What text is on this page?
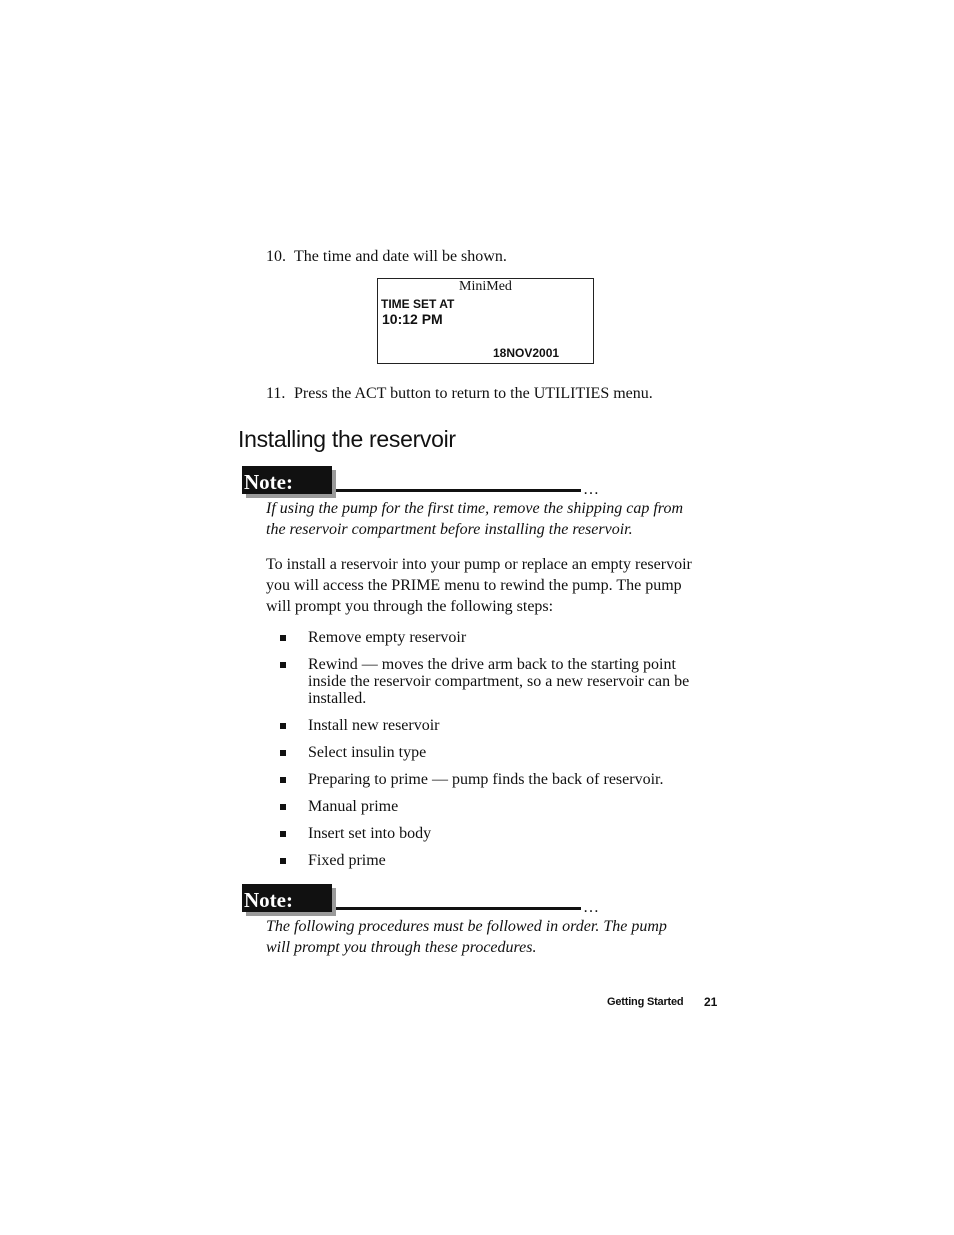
10. The time and date will be shown.
MiniMed
TIME SET AT
10:12 PM
18NOV2001
11. Press the ACT button to return to the UTILITIES menu.
Installing the reservoir
Note:	…
If using the pump for the first time, remove the shipping cap from
the reservoir compartment before installing the reservoir.
To install a reservoir into your pump or replace an empty reservoir
you will access the PRIME menu to rewind the pump. The pump
will prompt you through the following steps:
Remove empty reservoir
Rewind — moves the drive arm back to the starting point
inside the reservoir compartment, so a new reservoir can be
installed.
Install new reservoir
Select insulin type
Preparing to prime — pump finds the back of reservoir.
Manual prime
Insert set into body
Fixed prime
Note:	…
The following procedures must be followed in order. The pump
will prompt you through these procedures.
Getting Started 21
